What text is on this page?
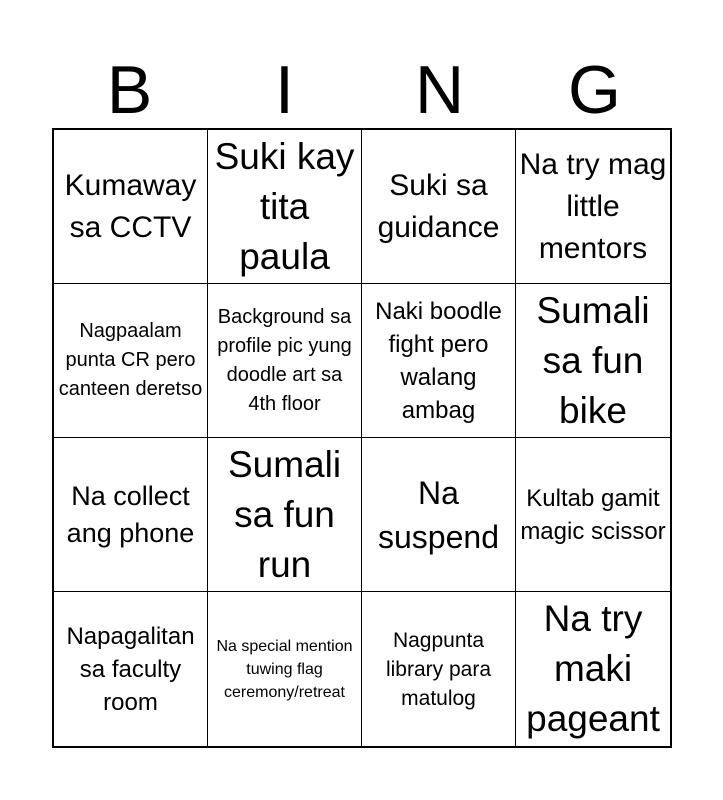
B	I	N	G
Kumaway sa CCTV
Suki kay tita paula
Suki sa guidance
Na try mag little mentors
Nagpaalam punta CR pero canteen deretso
Background sa profile pic yung doodle art sa 4th floor
Naki boodle fight pero walang ambag
Sumali sa fun bike
Na collect ang phone
Sumali sa fun run
Na suspend
Kultab gamit magic scissor
Napagalitan sa faculty room
Na special mention tuwing flag ceremony/retreat
Nagpunta library para matulog
Na try maki pageant
